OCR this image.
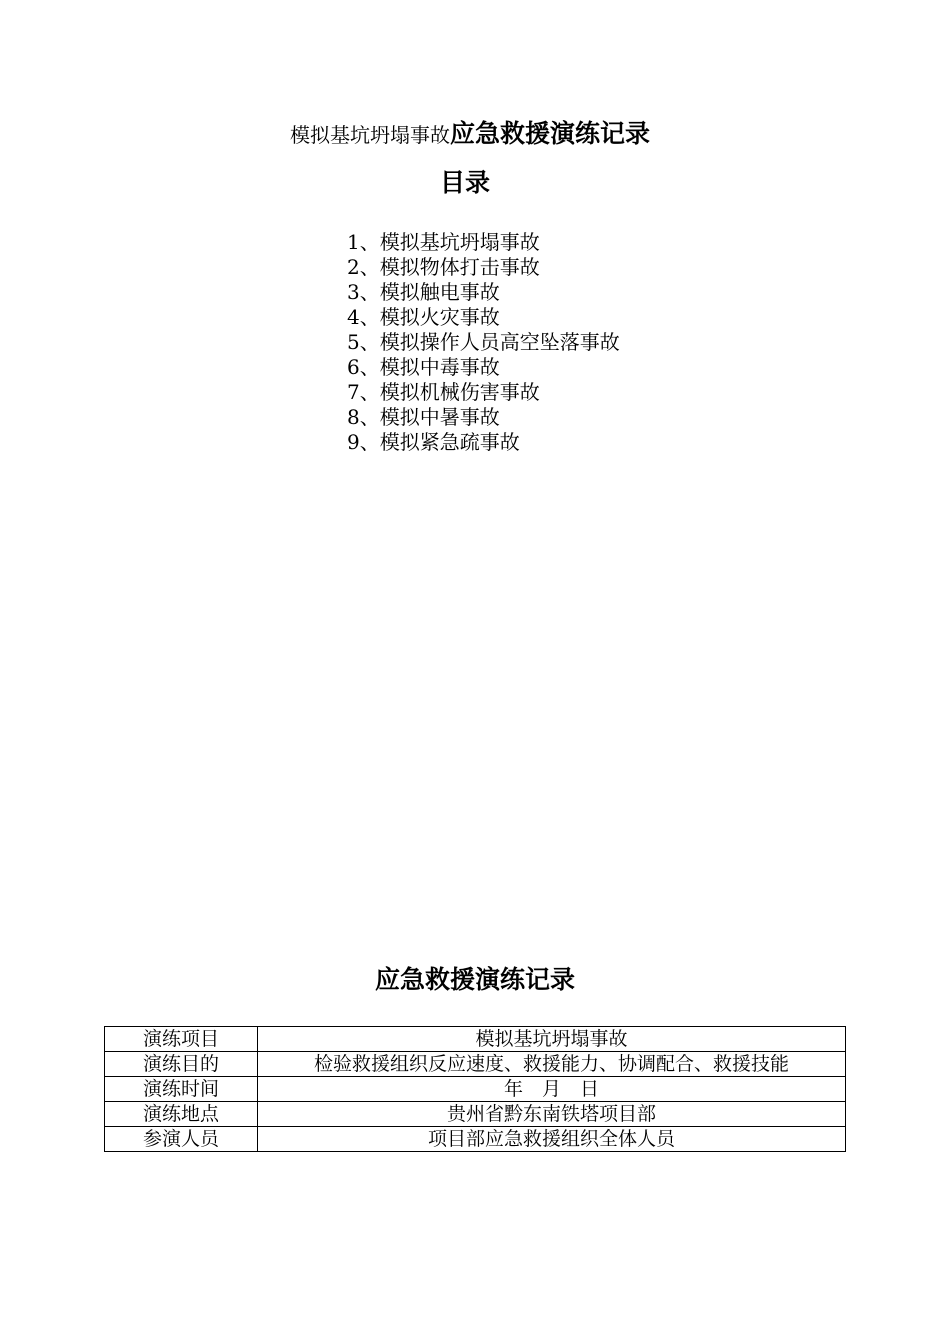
模拟基坑坍塌事故应急救援演练记录
目录
1、模拟基坑坍塌事故
2、模拟物体打击事故
3、模拟触电事故
4、模拟火灾事故
5、模拟操作人员高空坠落事故
6、模拟中毒事故
7、模拟机械伤害事故
8、模拟中暑事故
9、模拟紧急疏事故
应急救援演练记录
演练项目	模拟基坑坍塌事故
演练目的	检验救援组织反应速度、救援能力、协调配合、救援技能
演练时间	年　月　日
演练地点	贵州省黔东南铁塔项目部
参演人员	项目部应急救援组织全体人员
